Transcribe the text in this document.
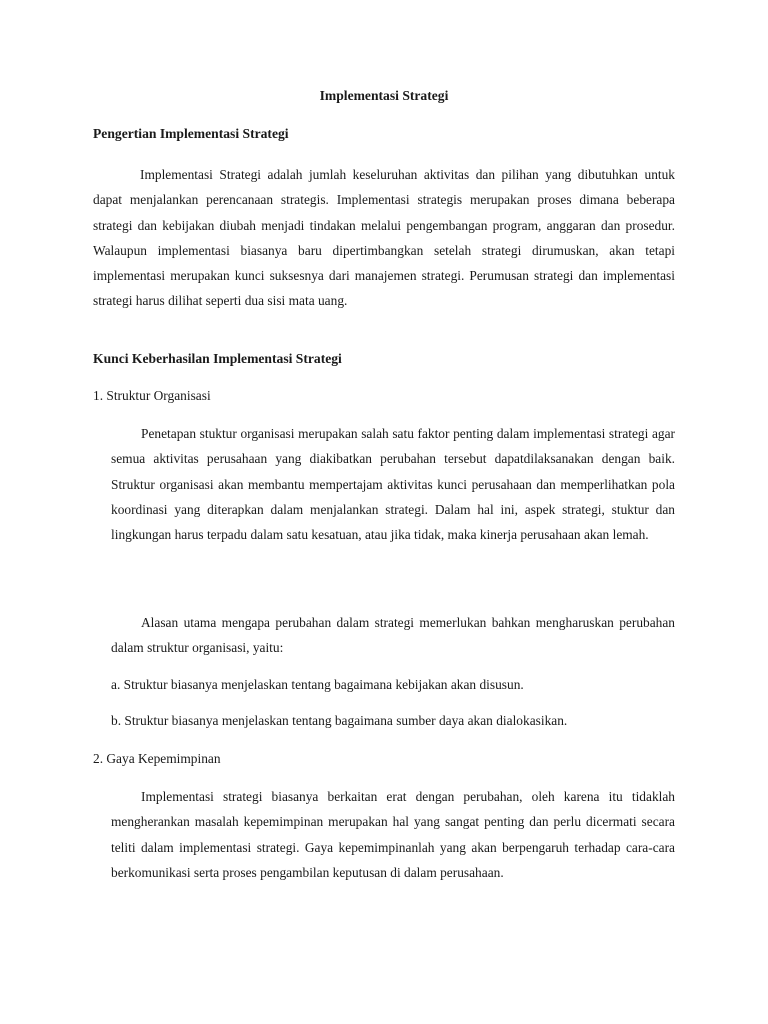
Implementasi Strategi
Pengertian Implementasi Strategi

Implementasi Strategi adalah jumlah keseluruhan aktivitas dan pilihan yang dibutuhkan untuk dapat menjalankan perencanaan strategis. Implementasi strategis merupakan proses dimana beberapa strategi dan kebijakan diubah menjadi tindakan melalui pengembangan program, anggaran dan prosedur. Walaupun implementasi biasanya baru dipertimbangkan setelah strategi dirumuskan, akan tetapi implementasi merupakan kunci suksesnya dari manajemen strategi. Perumusan strategi dan implementasi strategi harus dilihat seperti dua sisi mata uang.

Kunci Keberhasilan Implementasi Strategi
1. Struktur Organisasi

Penetapan stuktur organisasi merupakan salah satu faktor penting dalam implementasi strategi agar semua aktivitas perusahaan yang diakibatkan perubahan tersebut dapatdilaksanakan dengan baik. Struktur organisasi akan membantu mempertajam aktivitas kunci perusahaan dan memperlihatkan pola koordinasi yang diterapkan dalam menjalankan strategi. Dalam hal ini, aspek strategi, stuktur dan lingkungan harus terpadu dalam satu kesatuan, atau jika tidak, maka kinerja perusahaan akan lemah.

Alasan utama mengapa perubahan dalam strategi memerlukan bahkan mengharuskan perubahan dalam struktur organisasi, yaitu:

a. Struktur biasanya menjelaskan tentang bagaimana kebijakan akan disusun.
b. Struktur biasanya menjelaskan tentang bagaimana sumber daya akan dialokasikan.
2. Gaya Kepemimpinan

Implementasi strategi biasanya berkaitan erat dengan perubahan, oleh karena itu tidaklah mengherankan masalah kepemimpinan merupakan hal yang sangat penting dan perlu dicermati secara teliti dalam implementasi strategi. Gaya kepemimpinanlah yang akan berpengaruh terhadap cara-cara berkomunikasi serta proses pengambilan keputusan di dalam perusahaan.
